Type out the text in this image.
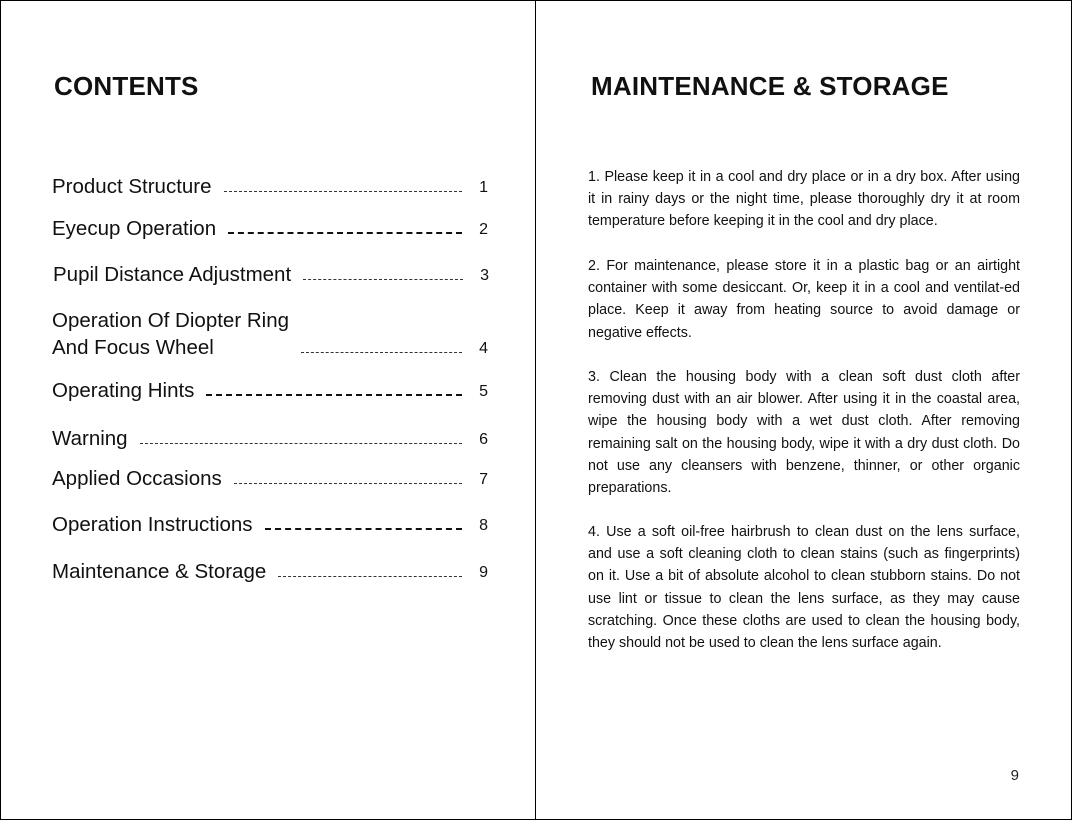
CONTENTS
Product Structure	1
Eyecup Operation	2
Pupil Distance Adjustment	3
Operation Of Diopter Ring
And Focus Wheel	4
Operating Hints	5
Warning	6
Applied Occasions	7
Operation Instructions	8
Maintenance & Storage	9
MAINTENANCE & STORAGE

1. Please keep it in a cool and dry place or in a dry box. After using it in rainy days or the night time, please thoroughly dry it at room temperature before keeping it in the cool and dry place.

2. For maintenance, please store it in a plastic bag or an airtight container with some desiccant. Or, keep it in a cool and ventilat-ed place. Keep it away from heating source to avoid damage or negative effects.

3. Clean the housing body with a clean soft dust cloth after removing dust with an air blower. After using it in the coastal area, wipe the housing body with a wet dust cloth. After removing remaining salt on the housing body, wipe it with a dry dust cloth. Do not use any cleansers with benzene, thinner, or other organic preparations.

4. Use a soft oil-free hairbrush to clean dust on the lens surface, and use a soft cleaning cloth to clean stains (such as fingerprints) on it. Use a bit of absolute alcohol to clean stubborn stains. Do not use lint or tissue to clean the lens surface, as they may cause scratching. Once these cloths are used to clean the housing body, they should not be used to clean the lens surface again.

9
